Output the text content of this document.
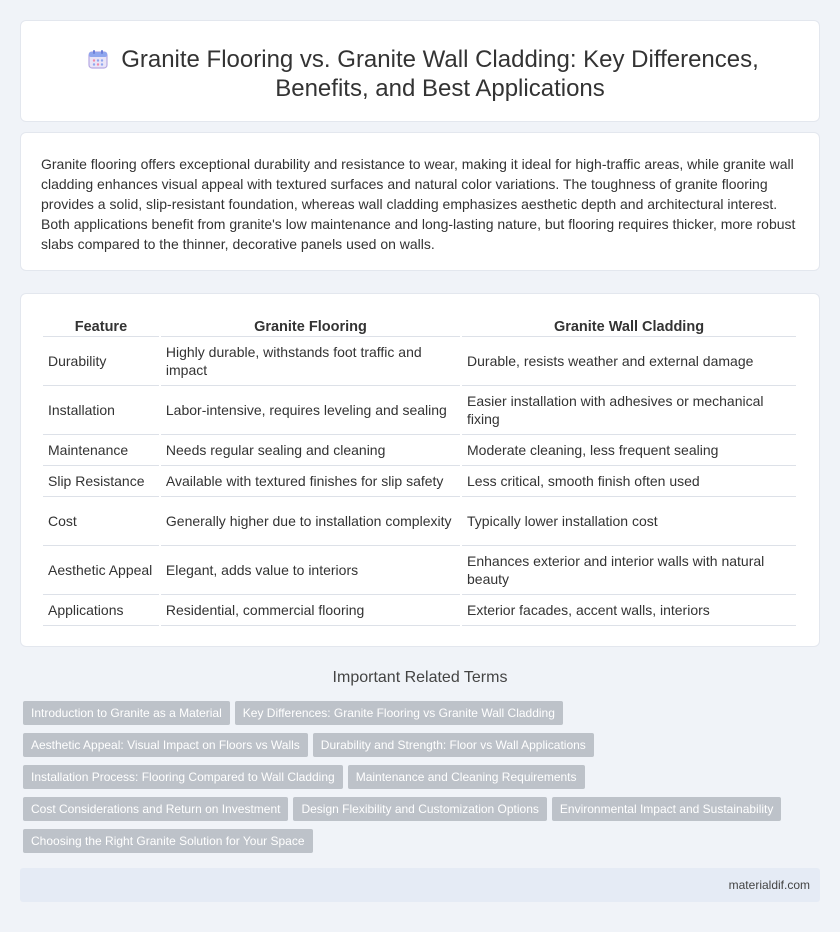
Granite Flooring vs. Granite Wall Cladding: Key Differences, Benefits, and Best Applications

Granite flooring offers exceptional durability and resistance to wear, making it ideal for high-traffic areas, while granite wall cladding enhances visual appeal with textured surfaces and natural color variations. The toughness of granite flooring provides a solid, slip-resistant foundation, whereas wall cladding emphasizes aesthetic depth and architectural interest. Both applications benefit from granite's low maintenance and long-lasting nature, but flooring requires thicker, more robust slabs compared to the thinner, decorative panels used on walls.

Feature	Granite Flooring	Granite Wall Cladding
Durability	Highly durable, withstands foot traffic and impact	Durable, resists weather and external damage
Installation	Labor-intensive, requires leveling and sealing	Easier installation with adhesives or mechanical fixing
Maintenance	Needs regular sealing and cleaning	Moderate cleaning, less frequent sealing
Slip Resistance	Available with textured finishes for slip safety	Less critical, smooth finish often used
Cost	Generally higher due to installation complexity	Typically lower installation cost
Aesthetic Appeal	Elegant, adds value to interiors	Enhances exterior and interior walls with natural beauty
Applications	Residential, commercial flooring	Exterior facades, accent walls, interiors
Important Related Terms
Introduction to Granite as a Material Key Differences: Granite Flooring vs Granite Wall Cladding
Aesthetic Appeal: Visual Impact on Floors vs Walls Durability and Strength: Floor vs Wall Applications
Installation Process: Flooring Compared to Wall Cladding Maintenance and Cleaning Requirements
Cost Considerations and Return on Investment Design Flexibility and Customization Options Environmental Impact and Sustainability
Choosing the Right Granite Solution for Your Space
materialdif.com
